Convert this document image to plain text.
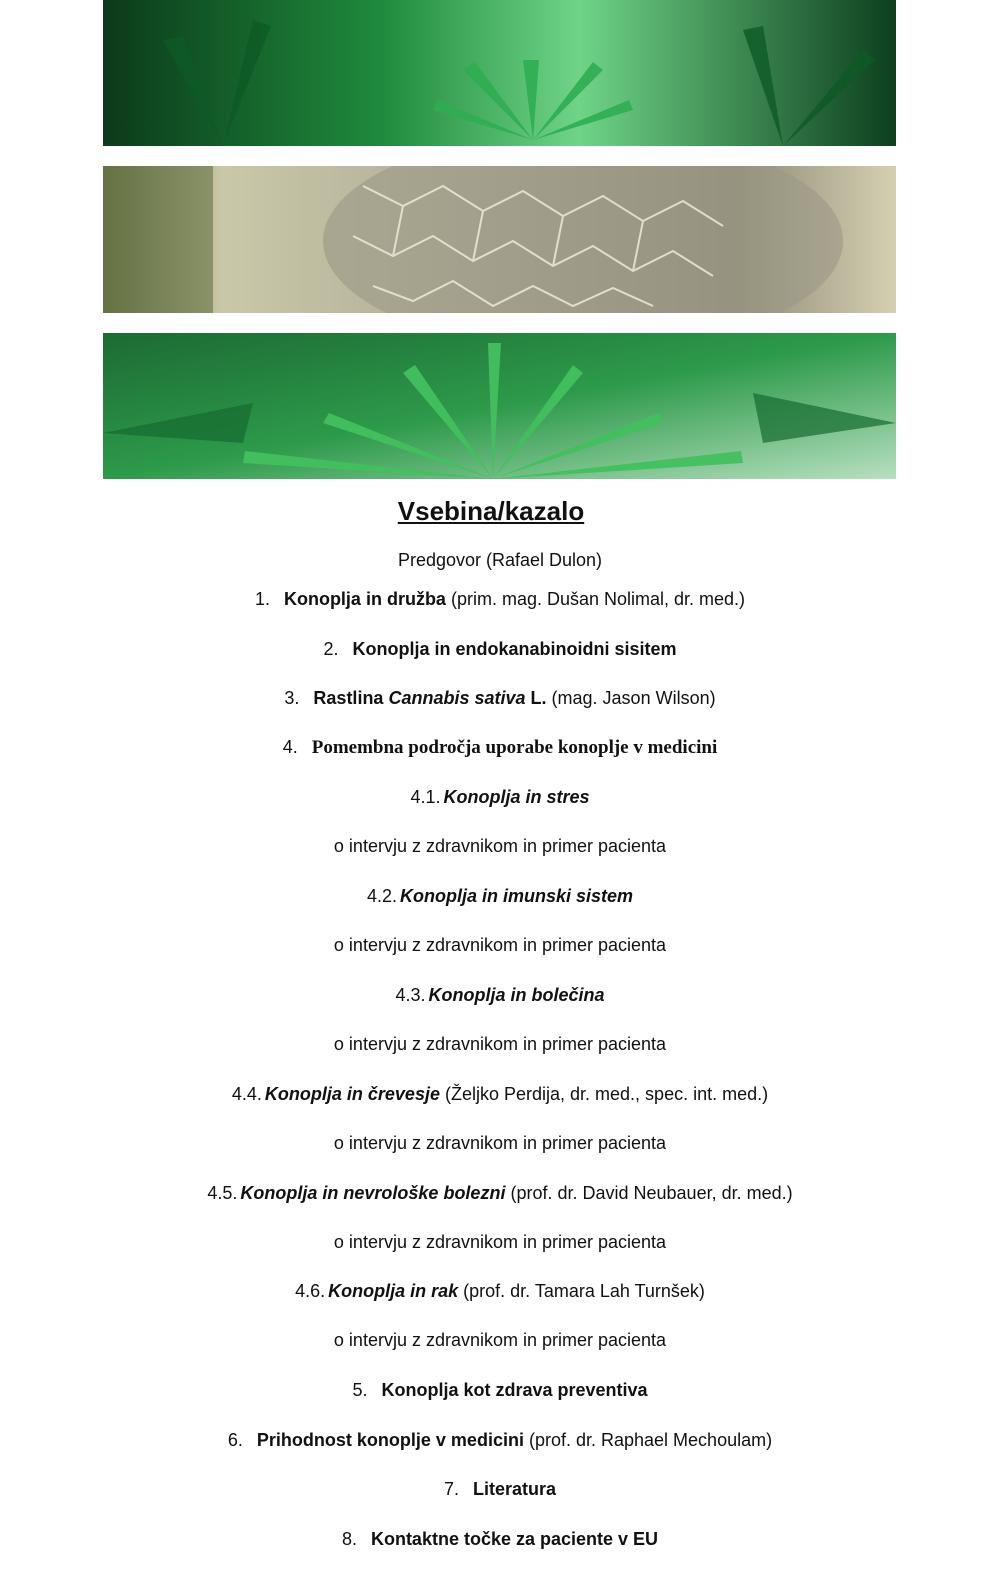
Vsebina/kazalo
Predgovor (Rafael Dulon)
1. Konoplja in družba (prim. mag. Dušan Nolimal, dr. med.)
2. Konoplja in endokanabinoidni sisitem
3. Rastlina Cannabis sativa L. (mag. Jason Wilson)
4. Pomembna področja uporabe konoplje v medicini
4.1. Konoplja in stres
o intervju z zdravnikom in primer pacienta
4.2. Konoplja in imunski sistem
o intervju z zdravnikom in primer pacienta
4.3. Konoplja in bolečina
o intervju z zdravnikom in primer pacienta
4.4. Konoplja in črevesje (Željko Perdija, dr. med., spec. int. med.)
o intervju z zdravnikom in primer pacienta
4.5. Konoplja in nevrološke bolezni (prof. dr. David Neubauer, dr. med.)
o intervju z zdravnikom in primer pacienta
4.6. Konoplja in rak (prof. dr. Tamara Lah Turnšek)
o intervju z zdravnikom in primer pacienta
5. Konoplja kot zdrava preventiva
6. Prihodnost konoplje v medicini (prof. dr. Raphael Mechoulam)
7. Literatura
8. Kontaktne točke za paciente v EU
